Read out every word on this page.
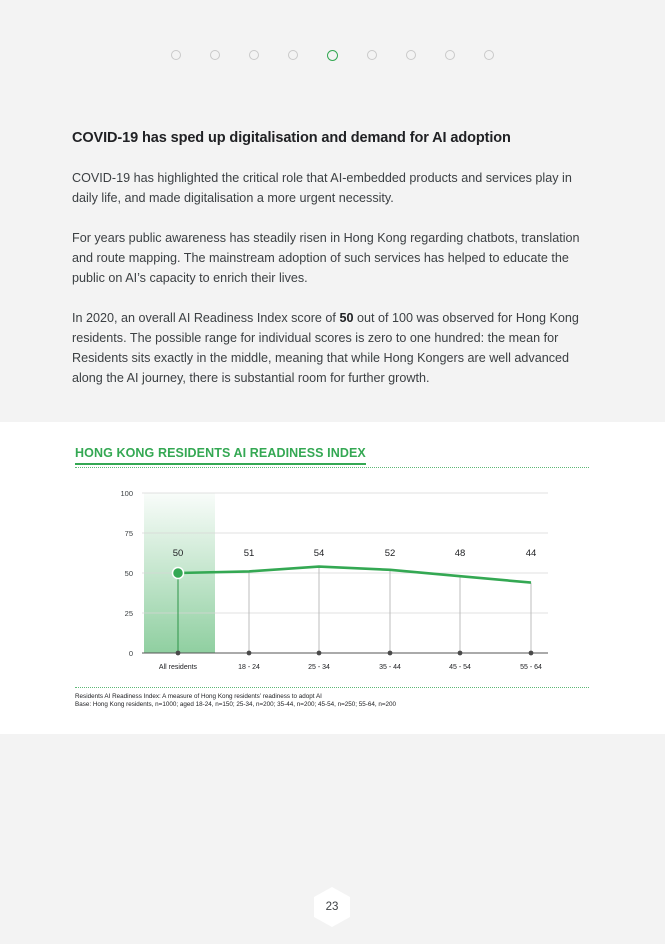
COVID-19 has sped up digitalisation and demand for AI adoption

COVID-19 has highlighted the critical role that AI-embedded products and services play in daily life, and made digitalisation a more urgent necessity.

For years public awareness has steadily risen in Hong Kong regarding chatbots, translation and route mapping. The mainstream adoption of such services has helped to educate the public on AI’s capacity to enrich their lives.

In 2020, an overall AI Readiness Index score of 50 out of 100 was observed for Hong Kong residents. The possible range for individual scores is zero to one hundred: the mean for Residents sits exactly in the middle, meaning that while Hong Kongers are well advanced along the AI journey, there is substantial room for further growth.

HONG KONG RESIDENTS AI READINESS INDEX
0
25
50
75
100
50	51	54	52	48	44
All residents	18 - 24	25 - 34	35 - 44	45 - 54	55 - 64
Residents AI Readiness Index: A measure of Hong Kong residents’ readiness to adopt AI
Base: Hong Kong residents, n=1000; aged 18-24, n=150; 25-34, n=200; 35-44, n=200; 45-54, n=250; 55-64, n=200
23
